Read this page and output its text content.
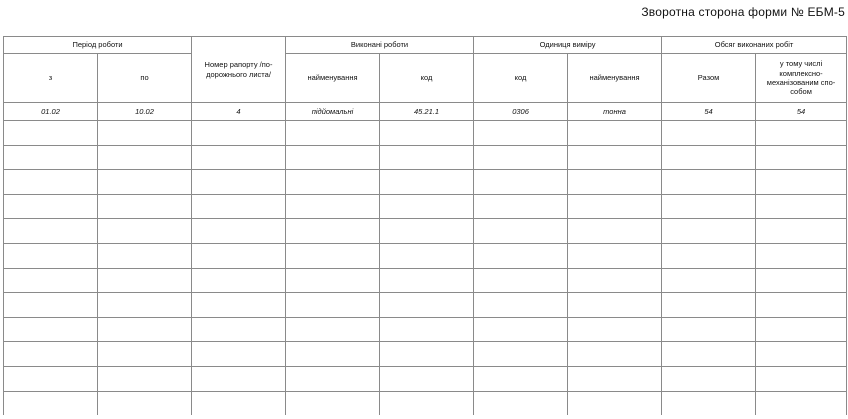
Зворотна сторона форми № ЕБМ-5
Період роботи		Номер рапорту /по-дорожнього листа/	Виконані роботи		Одиниця виміру		Обсяг виконаних робіт	
з	по		найменування	код	код	найменування	Разом	у тому числі комплексно-механізованим спо-собом
01.02	10.02	4	підйомальні	45.21.1	0306	тонна	54	54
